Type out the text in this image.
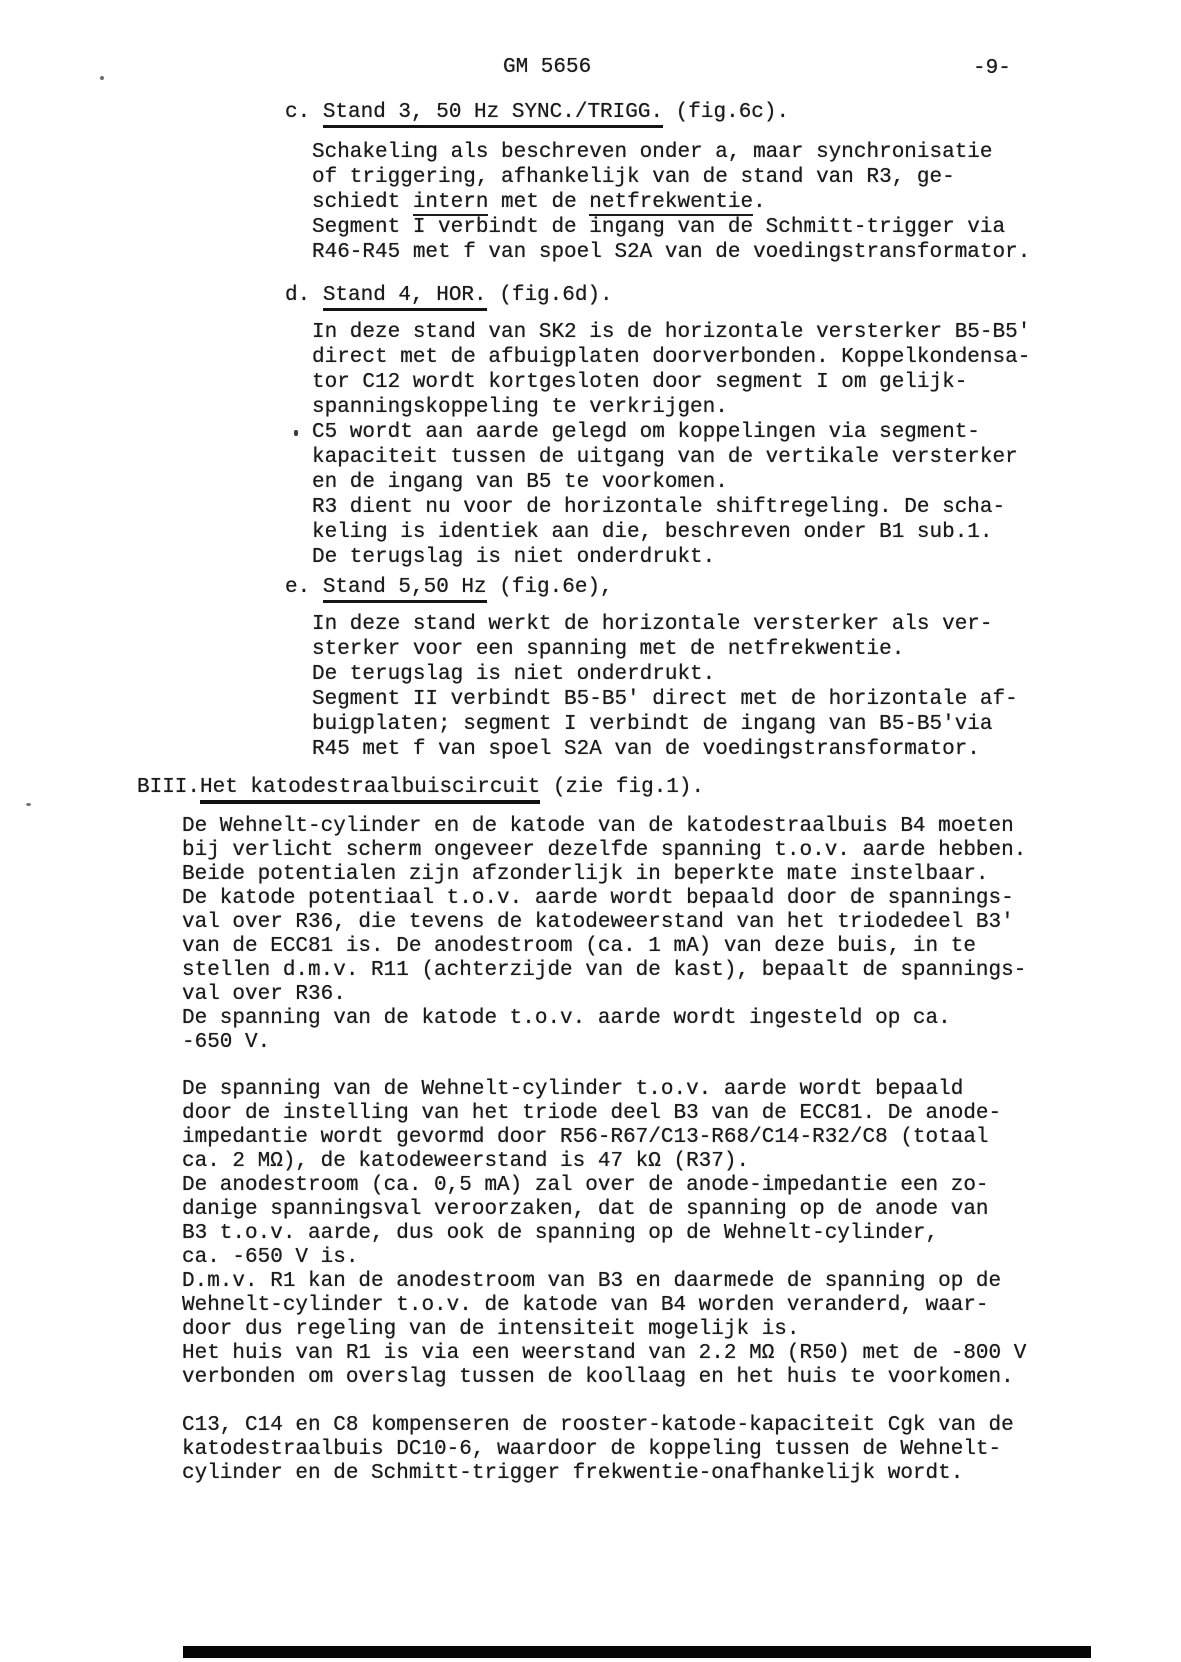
GM 5656	-9-
c. Stand 3, 50 Hz SYNC./TRIGG. (fig.6c).
Schakeling als beschreven onder a, maar synchronisatie
of triggering, afhankelijk van de stand van R3, ge-
schiedt intern met de netfrekwentie.
Segment I verbindt de ingang van de Schmitt-trigger via
R46-R45 met f van spoel S2A van de voedingstransformator.
d. Stand 4, HOR. (fig.6d).
In deze stand van SK2 is de horizontale versterker B5-B5'
direct met de afbuigplaten doorverbonden. Koppelkondensa-
tor C12 wordt kortgesloten door segment I om gelijk-
spanningskoppeling te verkrijgen.
C5 wordt aan aarde gelegd om koppelingen via segment-
kapaciteit tussen de uitgang van de vertikale versterker
en de ingang van B5 te voorkomen.
R3 dient nu voor de horizontale shiftregeling. De scha-
keling is identiek aan die, beschreven onder B1 sub.1.
De terugslag is niet onderdrukt.
e. Stand 5,50 Hz (fig.6e),
In deze stand werkt de horizontale versterker als ver-
sterker voor een spanning met de netfrekwentie.
De terugslag is niet onderdrukt.
Segment II verbindt B5-B5' direct met de horizontale af-
buigplaten; segment I verbindt de ingang van B5-B5'via
R45 met f van spoel S2A van de voedingstransformator.
BIII.Het katodestraalbuiscircuit (zie fig.1).
De Wehnelt-cylinder en de katode van de katodestraalbuis B4 moeten
bij verlicht scherm ongeveer dezelfde spanning t.o.v. aarde hebben.
Beide potentialen zijn afzonderlijk in beperkte mate instelbaar.
De katode potentiaal t.o.v. aarde wordt bepaald door de spannings-
val over R36, die tevens de katodeweerstand van het triodedeel B3'
van de ECC81 is. De anodestroom (ca. 1 mA) van deze buis, in te
stellen d.m.v. R11 (achterzijde van de kast), bepaalt de spannings-
val over R36.
De spanning van de katode t.o.v. aarde wordt ingesteld op ca.
-650 V.
De spanning van de Wehnelt-cylinder t.o.v. aarde wordt bepaald
door de instelling van het triode deel B3 van de ECC81. De anode-
impedantie wordt gevormd door R56-R67/C13-R68/C14-R32/C8 (totaal
ca. 2 MΩ), de katodeweerstand is 47 kΩ (R37).
De anodestroom (ca. 0,5 mA) zal over de anode-impedantie een zo-
danige spanningsval veroorzaken, dat de spanning op de anode van
B3 t.o.v. aarde, dus ook de spanning op de Wehnelt-cylinder,
ca. -650 V is.
D.m.v. R1 kan de anodestroom van B3 en daarmede de spanning op de
Wehnelt-cylinder t.o.v. de katode van B4 worden veranderd, waar-
door dus regeling van de intensiteit mogelijk is.
Het huis van R1 is via een weerstand van 2.2 MΩ (R50) met de -800 V
verbonden om overslag tussen de koollaag en het huis te voorkomen.
C13, C14 en C8 kompenseren de rooster-katode-kapaciteit Cgk van de
katodestraalbuis DC10-6, waardoor de koppeling tussen de Wehnelt-
cylinder en de Schmitt-trigger frekwentie-onafhankelijk wordt.
